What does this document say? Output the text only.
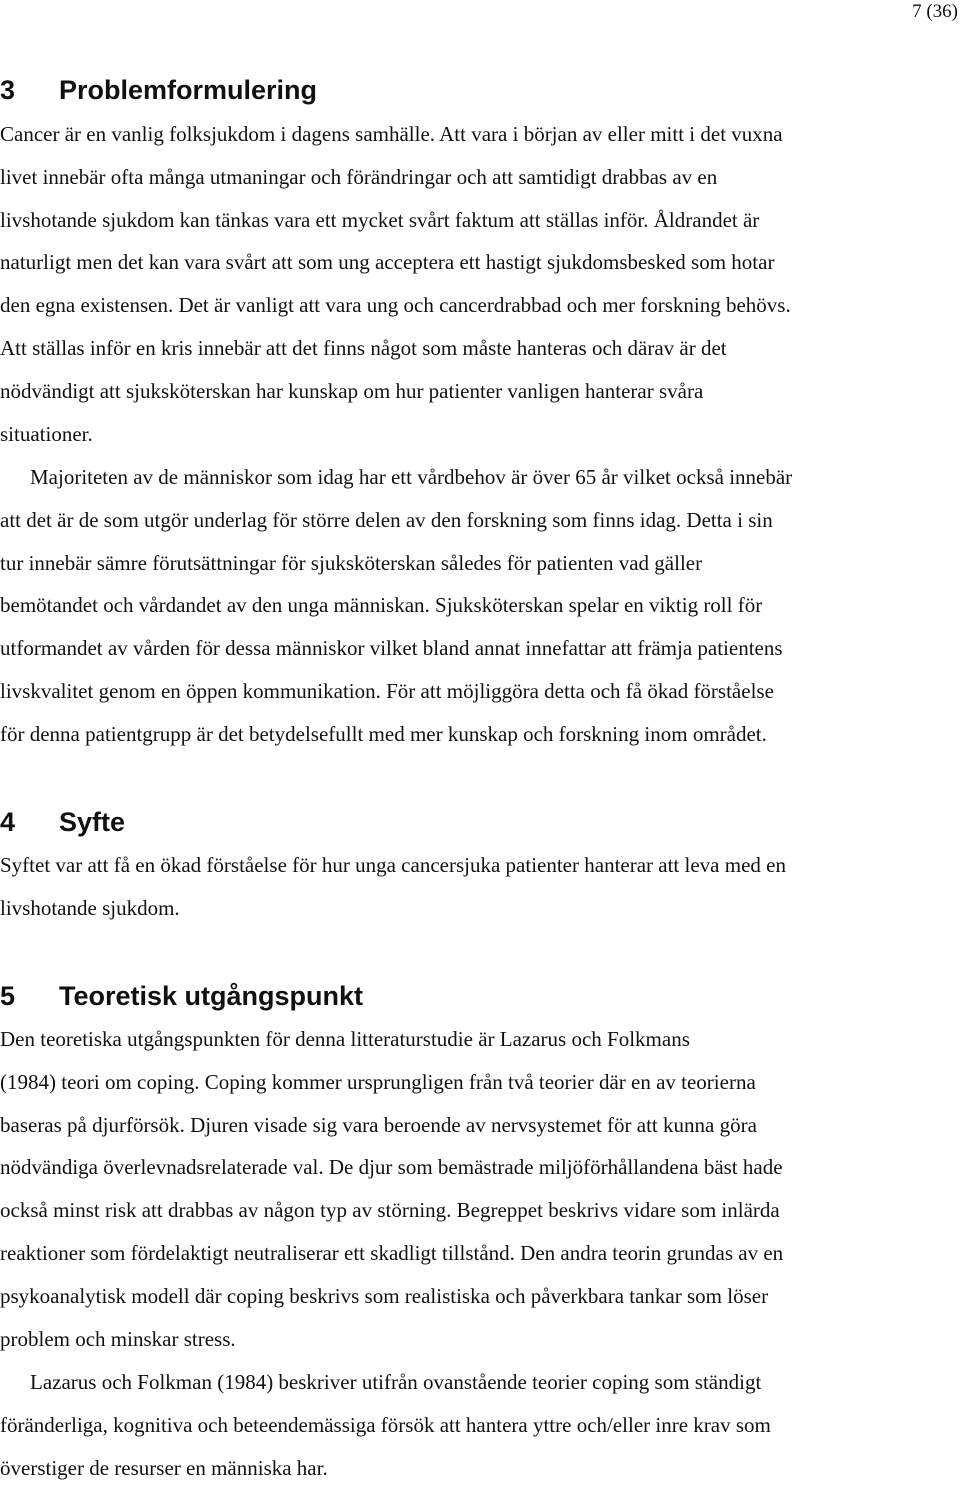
7 (36)
3 Problemformulering

Cancer är en vanlig folksjukdom i dagens samhälle. Att vara i början av eller mitt i det vuxna
livet innebär ofta många utmaningar och förändringar och att samtidigt drabbas av en
livshotande sjukdom kan tänkas vara ett mycket svårt faktum att ställas inför. Åldrandet är
naturligt men det kan vara svårt att som ung acceptera ett hastigt sjukdomsbesked som hotar
den egna existensen. Det är vanligt att vara ung och cancerdrabbad och mer forskning behövs.
Att ställas inför en kris innebär att det finns något som måste hanteras och därav är det
nödvändigt att sjuksköterskan har kunskap om hur patienter vanligen hanterar svåra
situationer.

Majoriteten av de människor som idag har ett vårdbehov är över 65 år vilket också innebär
att det är de som utgör underlag för större delen av den forskning som finns idag. Detta i sin
tur innebär sämre förutsättningar för sjuksköterskan således för patienten vad gäller
bemötandet och vårdandet av den unga människan. Sjuksköterskan spelar en viktig roll för
utformandet av vården för dessa människor vilket bland annat innefattar att främja patientens
livskvalitet genom en öppen kommunikation. För att möjliggöra detta och få ökad förståelse
för denna patientgrupp är det betydelsefullt med mer kunskap och forskning inom området.

4 Syfte

Syftet var att få en ökad förståelse för hur unga cancersjuka patienter hanterar att leva med en
livshotande sjukdom.

5 Teoretisk utgångspunkt

Den teoretiska utgångspunkten för denna litteraturstudie är Lazarus och Folkmans
(1984) teori om coping. Coping kommer ursprungligen från två teorier där en av teorierna
baseras på djurförsök. Djuren visade sig vara beroende av nervsystemet för att kunna göra
nödvändiga överlevnadsrelaterade val. De djur som bemästrade miljöförhållandena bäst hade
också minst risk att drabbas av någon typ av störning. Begreppet beskrivs vidare som inlärda
reaktioner som fördelaktigt neutraliserar ett skadligt tillstånd. Den andra teorin grundas av en
psykoanalytisk modell där coping beskrivs som realistiska och påverkbara tankar som löser
problem och minskar stress.

Lazarus och Folkman (1984) beskriver utifrån ovanstående teorier coping som ständigt
föränderliga, kognitiva och beteendemässiga försök att hantera yttre och/eller inre krav som
överstiger de resurser en människa har.
